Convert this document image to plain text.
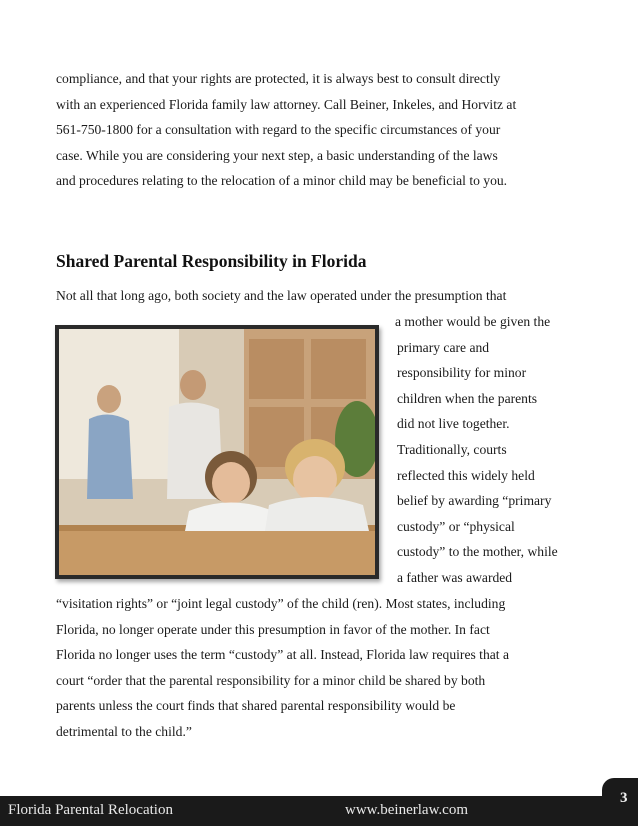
compliance, and that your rights are protected, it is always best to consult directly

with an experienced Florida family law attorney. Call Beiner, Inkeles, and Horvitz at

561-750-1800 for a consultation with regard to the specific circumstances of your

case. While you are considering your next step, a basic understanding of the laws

and procedures relating to the relocation of a minor child may be beneficial to you.

Shared Parental Responsibility in Florida

Not all that long ago, both society and the law operated under the presumption that

a mother would be given the

primary care and

responsibility for minor

children when the parents

did not live together.

Traditionally, courts

reflected this widely held

belief by awarding “primary

custody” or “physical

custody” to the mother, while

a father was awarded

“visitation rights” or “joint legal custody” of the child (ren). Most states, including

Florida, no longer operate under this presumption in favor of the mother. In fact

Florida no longer uses the term “custody” at all. Instead, Florida law requires that a

court “order that the parental responsibility for a minor child be shared by both

parents unless the court finds that shared parental responsibility would be

detrimental to the child.”

Florida Parental Relocation	www.beinerlaw.com
3
